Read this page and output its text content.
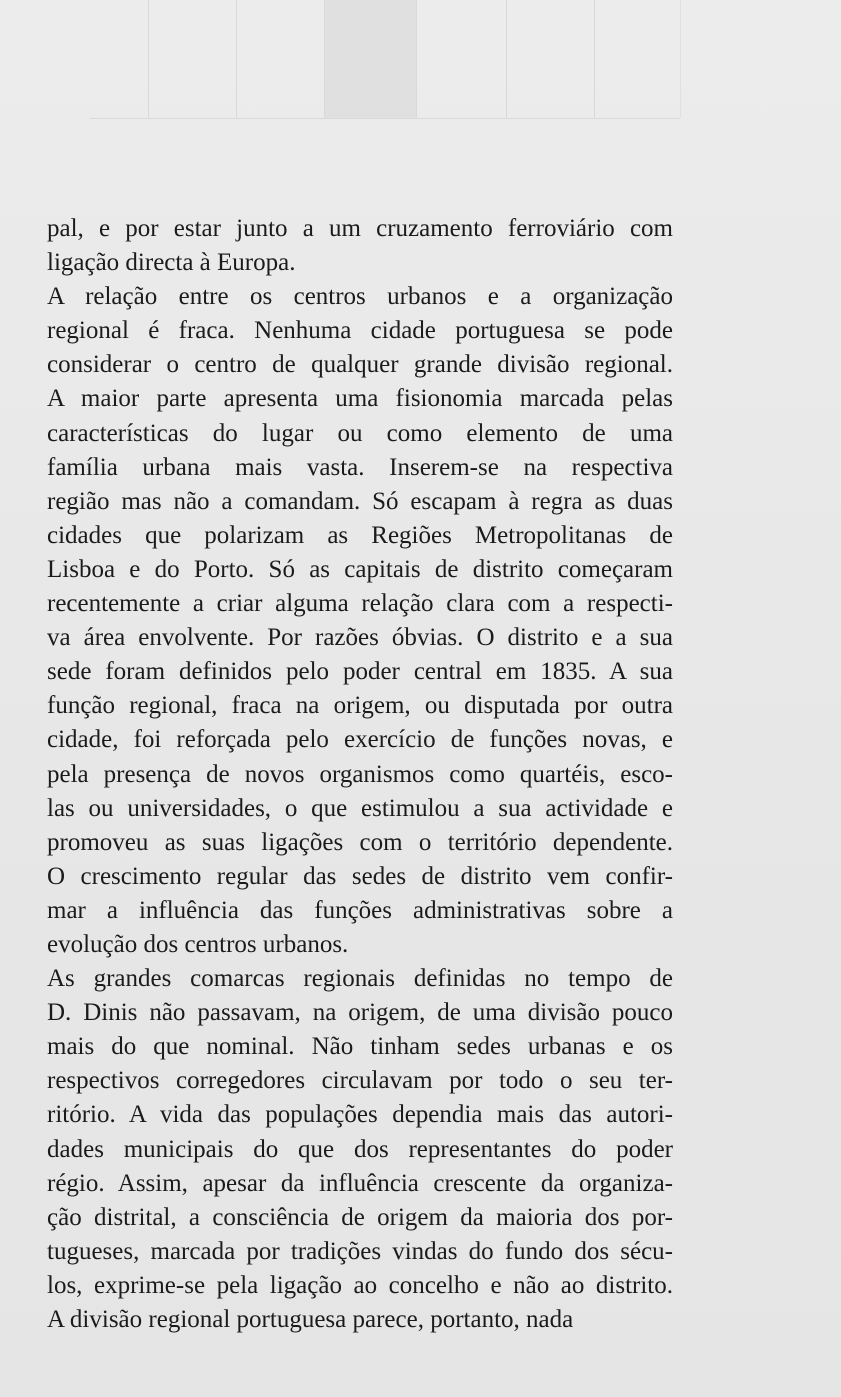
pal, e por estar junto a um cruzamento ferroviário com
ligação directa à Europa.
A relação entre os centros urbanos e a organização
regional é fraca. Nenhuma cidade portuguesa se pode
considerar o centro de qualquer grande divisão regional.
A maior parte apresenta uma fisionomia marcada pelas
características do lugar ou como elemento de uma
família urbana mais vasta. Inserem-se na respectiva
região mas não a comandam. Só escapam à regra as duas
cidades que polarizam as Regiões Metropolitanas de
Lisboa e do Porto. Só as capitais de distrito começaram
recentemente a criar alguma relação clara com a respecti-
va área envolvente. Por razões óbvias. O distrito e a sua
sede foram definidos pelo poder central em 1835. A sua
função regional, fraca na origem, ou disputada por outra
cidade, foi reforçada pelo exercício de funções novas, e
pela presença de novos organismos como quartéis, esco-
las ou universidades, o que estimulou a sua actividade e
promoveu as suas ligações com o território dependente.
O crescimento regular das sedes de distrito vem confir-
mar a influência das funções administrativas sobre a
evolução dos centros urbanos.
As grandes comarcas regionais definidas no tempo de
D. Dinis não passavam, na origem, de uma divisão pouco
mais do que nominal. Não tinham sedes urbanas e os
respectivos corregedores circulavam por todo o seu ter-
ritório. A vida das populações dependia mais das autori-
dades municipais do que dos representantes do poder
régio. Assim, apesar da influência crescente da organiza-
ção distrital, a consciência de origem da maioria dos por-
tugueses, marcada por tradições vindas do fundo dos sécu-
los, exprime-se pela ligação ao concelho e não ao distrito.
A divisão regional portuguesa parece, portanto, nada
